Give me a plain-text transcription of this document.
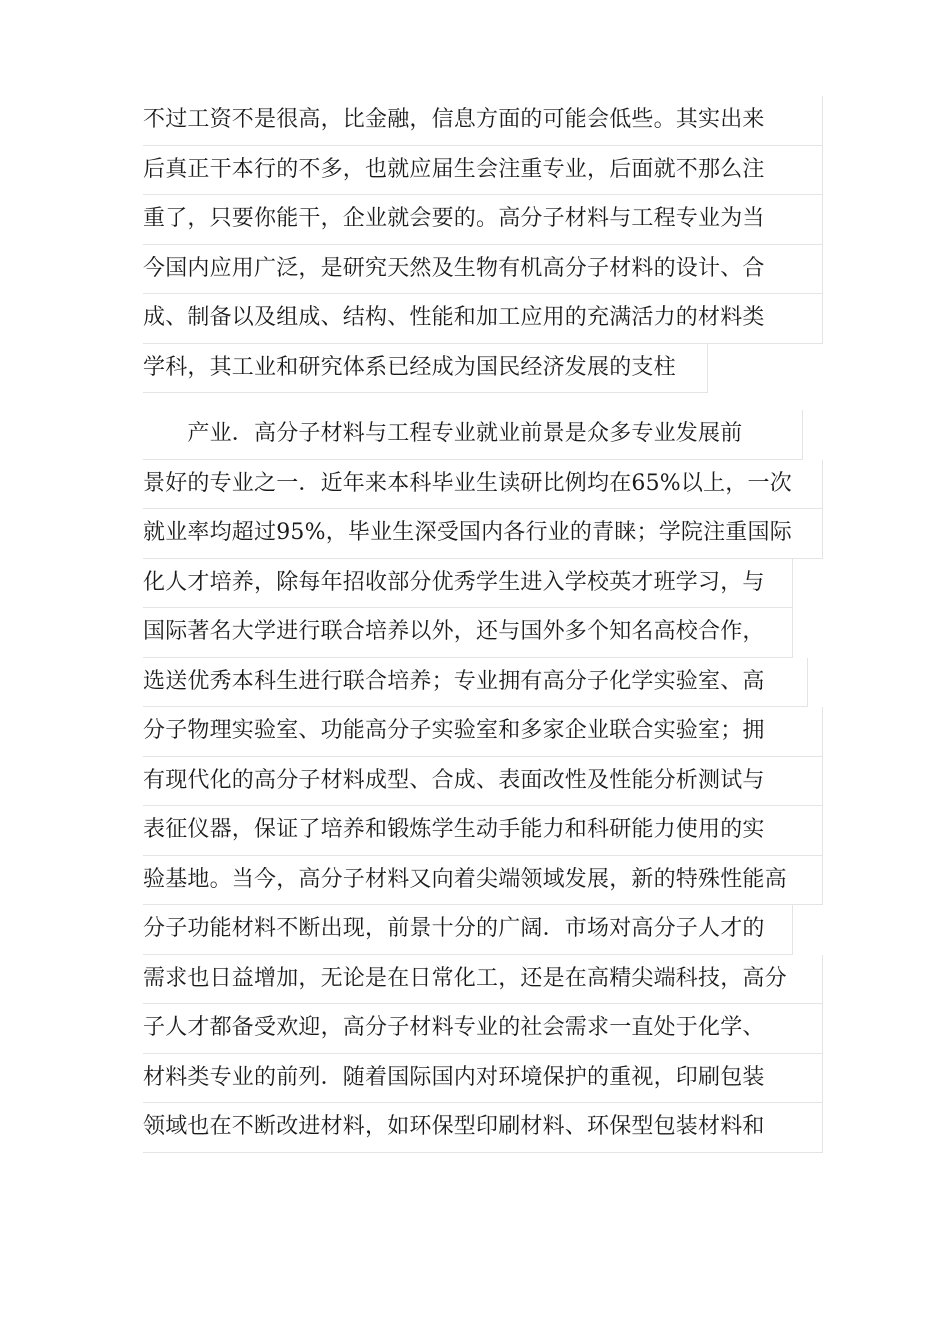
不过工资不是很高，比金融，信息方面的可能会低些。其实出来
后真正干本行的不多，也就应届生会注重专业，后面就不那么注
重了，只要你能干，企业就会要的。高分子材料与工程专业为当
今国内应用广泛，是研究天然及生物有机高分子材料的设计、合
成、制备以及组成、结构、性能和加工应用的充满活力的材料类
学科，其工业和研究体系已经成为国民经济发展的支柱
　　产业．高分子材料与工程专业就业前景是众多专业发展前
景好的专业之一．近年来本科毕业生读研比例均在65%以上，一次
就业率均超过95%，毕业生深受国内各行业的青睐；学院注重国际
化人才培养，除每年招收部分优秀学生进入学校英才班学习，与
国际著名大学进行联合培养以外，还与国外多个知名高校合作，
选送优秀本科生进行联合培养；专业拥有高分子化学实验室、高
分子物理实验室、功能高分子实验室和多家企业联合实验室；拥
有现代化的高分子材料成型、合成、表面改性及性能分析测试与
表征仪器，保证了培养和锻炼学生动手能力和科研能力使用的实
验基地。当今，高分子材料又向着尖端领域发展，新的特殊性能高
分子功能材料不断出现，前景十分的广阔．市场对高分子人才的
需求也日益增加，无论是在日常化工，还是在高精尖端科技，高分
子人才都备受欢迎，高分子材料专业的社会需求一直处于化学、
材料类专业的前列．随着国际国内对环境保护的重视，印刷包装
领域也在不断改进材料，如环保型印刷材料、环保型包装材料和
